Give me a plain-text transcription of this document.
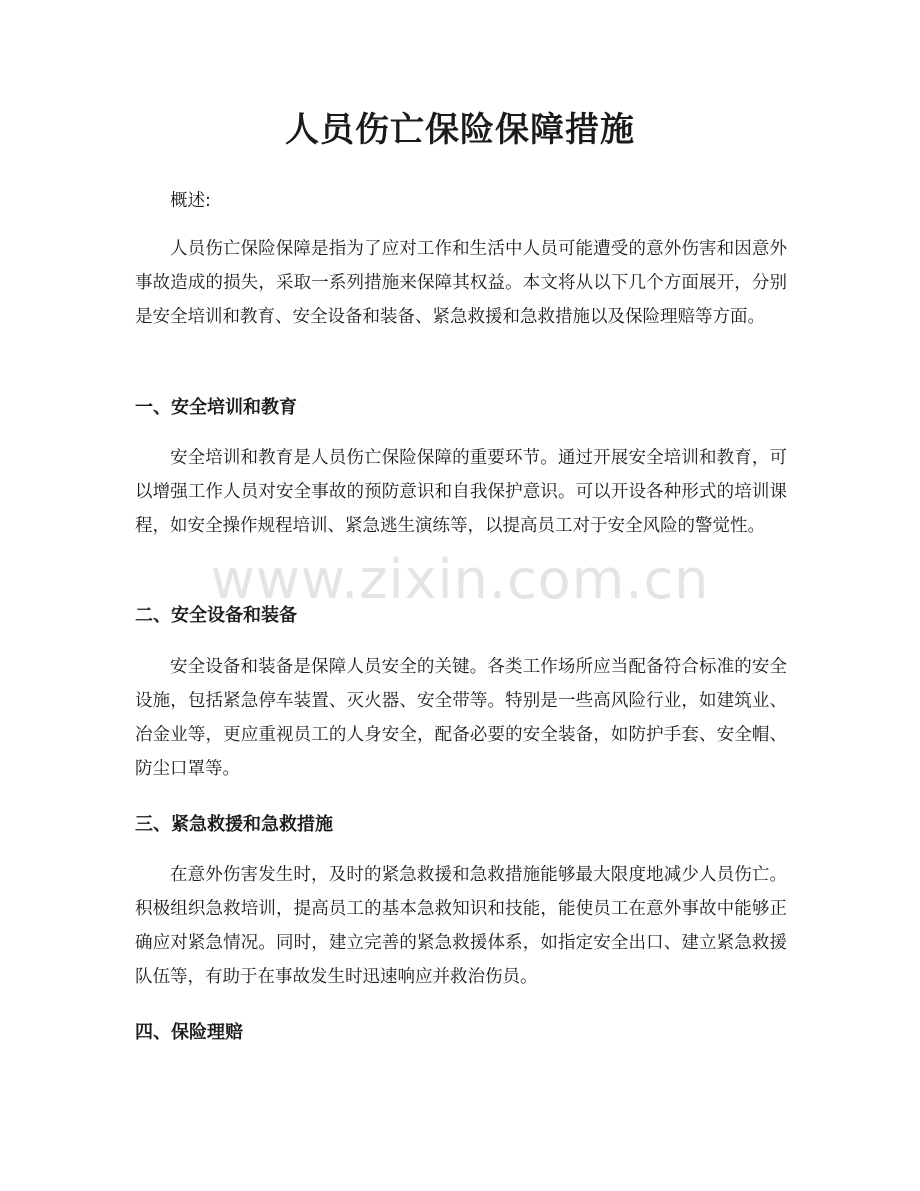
人员伤亡保险保障措施

概述:

人员伤亡保险保障是指为了应对工作和生活中人员可能遭受的意外伤害和因意外事故造成的损失，采取一系列措施来保障其权益。本文将从以下几个方面展开，分别是安全培训和教育、安全设备和装备、紧急救援和急救措施以及保险理赔等方面。

一、安全培训和教育

安全培训和教育是人员伤亡保险保障的重要环节。通过开展安全培训和教育，可以增强工作人员对安全事故的预防意识和自我保护意识。可以开设各种形式的培训课程，如安全操作规程培训、紧急逃生演练等，以提高员工对于安全风险的警觉性。

二、安全设备和装备

安全设备和装备是保障人员安全的关键。各类工作场所应当配备符合标准的安全设施，包括紧急停车装置、灭火器、安全带等。特别是一些高风险行业，如建筑业、冶金业等，更应重视员工的人身安全，配备必要的安全装备，如防护手套、安全帽、防尘口罩等。

三、紧急救援和急救措施

在意外伤害发生时，及时的紧急救援和急救措施能够最大限度地减少人员伤亡。积极组织急救培训，提高员工的基本急救知识和技能，能使员工在意外事故中能够正确应对紧急情况。同时，建立完善的紧急救援体系，如指定安全出口、建立紧急救援队伍等，有助于在事故发生时迅速响应并救治伤员。

四、保险理赔
www.zixin.com.cn
